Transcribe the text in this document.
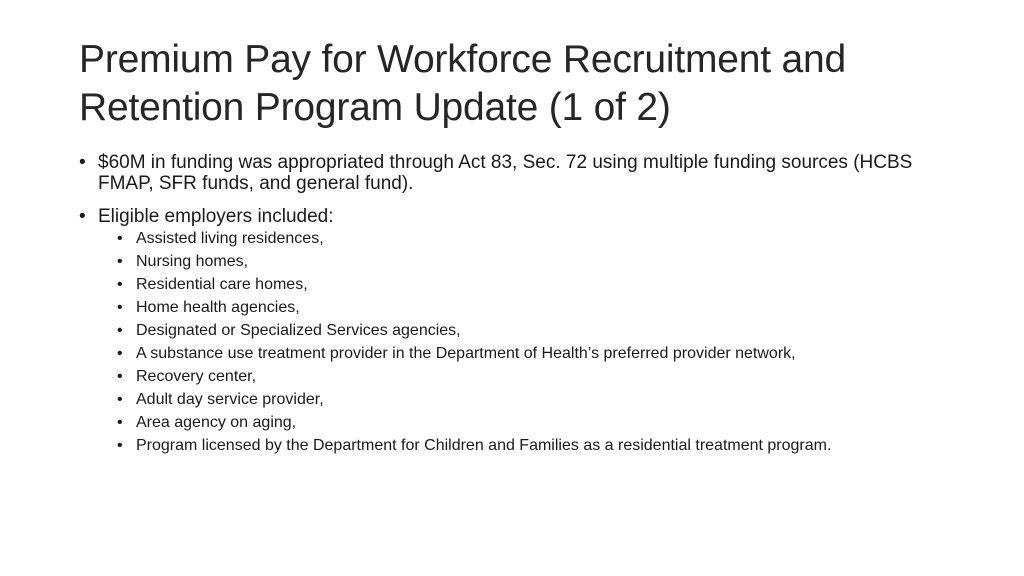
Premium Pay for Workforce Recruitment and Retention Program Update (1 of 2)
• $60M in funding was appropriated through Act 83, Sec. 72 using multiple funding sources (HCBS FMAP, SFR funds, and general fund).
• Eligible employers included:
• Assisted living residences,
• Nursing homes,
• Residential care homes,
• Home health agencies,
• Designated or Specialized Services agencies,
• A substance use treatment provider in the Department of Health’s preferred provider network,
• Recovery center,
• Adult day service provider,
• Area agency on aging,
• Program licensed by the Department for Children and Families as a residential treatment program.
